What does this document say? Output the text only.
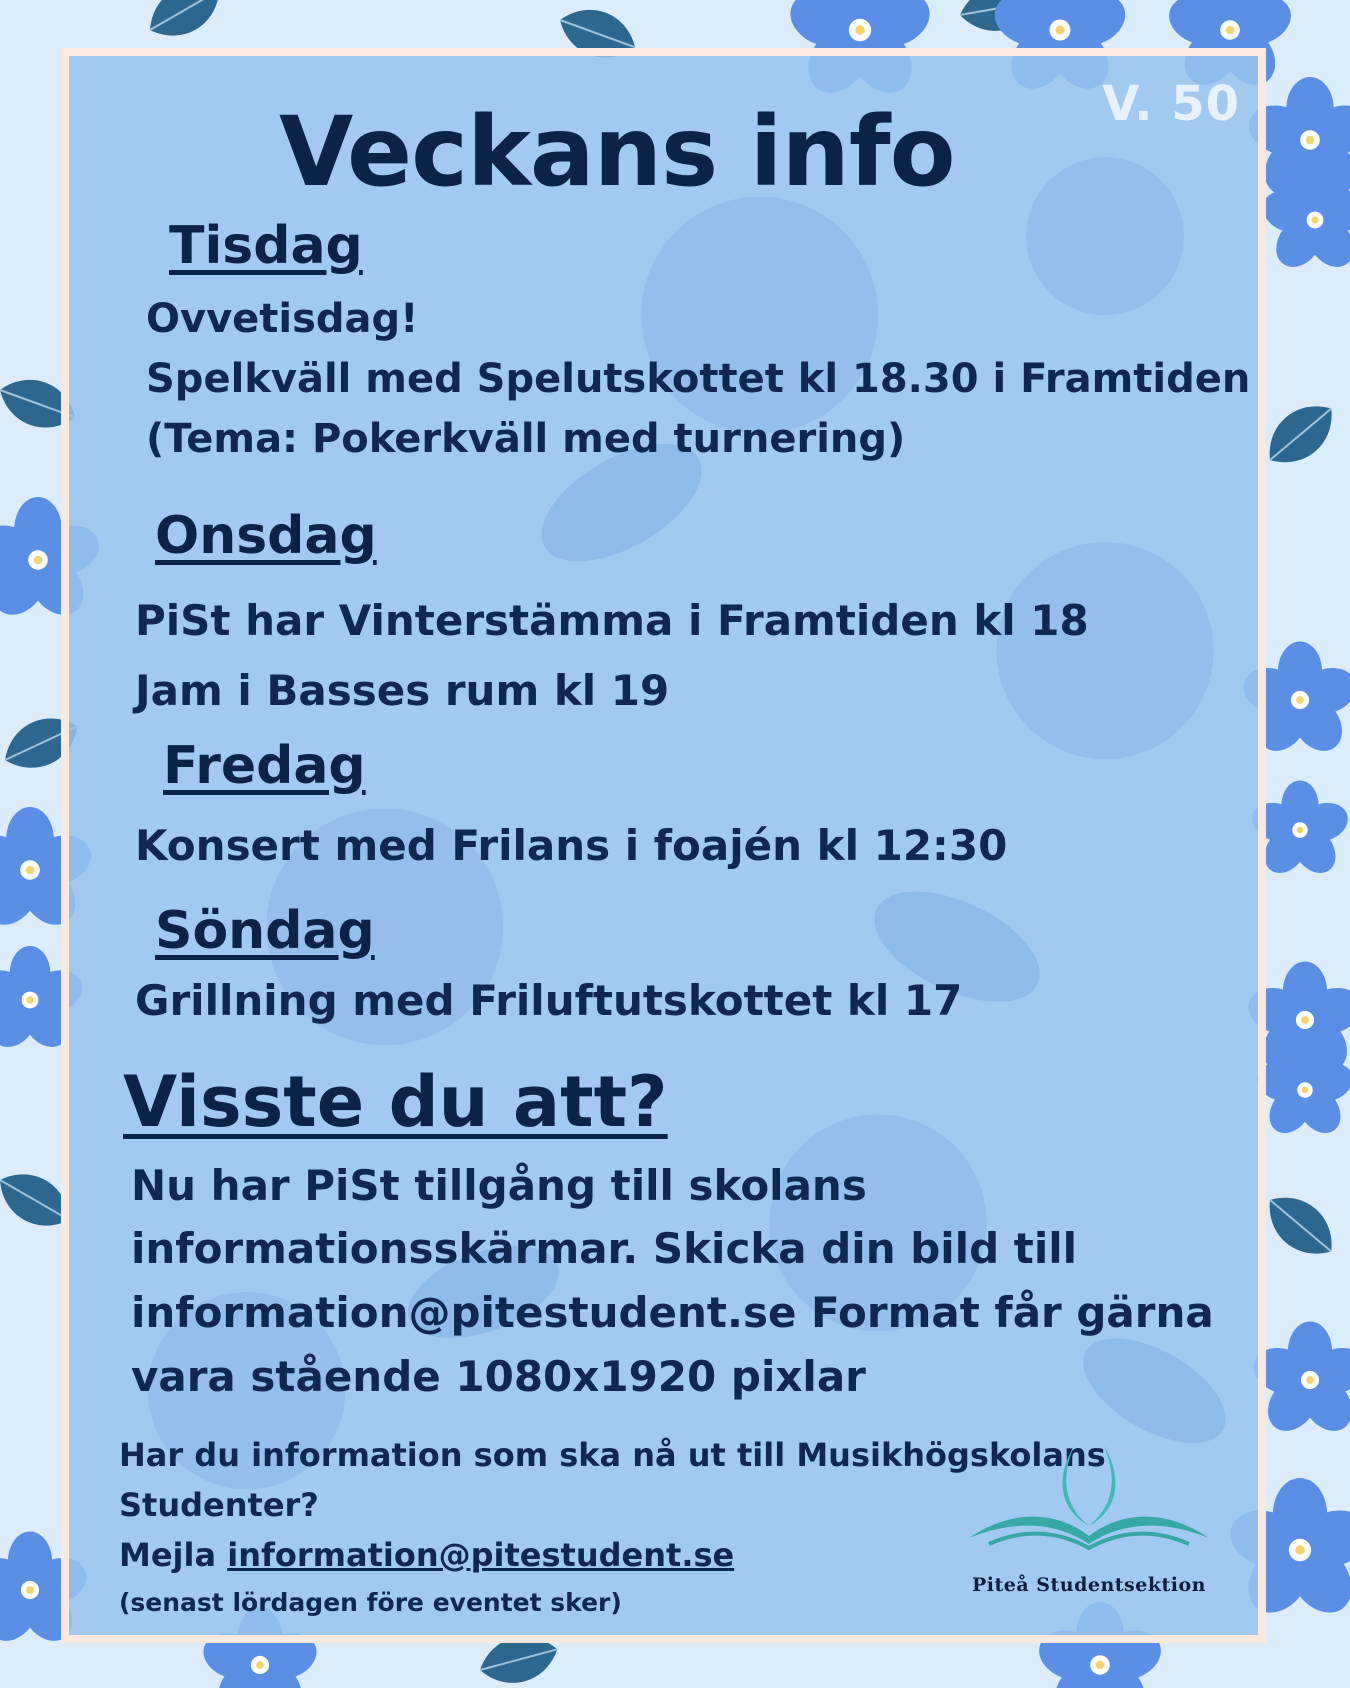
V. 50
Veckans info
Tisdag
Ovvetisdag!
Spelkväll med Spelutskottet kl 18.30 i Framtiden
(Tema: Pokerkväll med turnering)
Onsdag
PiSt har Vinterstämma i Framtiden kl 18
Jam i Basses rum kl 19
Fredag
Konsert med Frilans i foajén kl 12:30
Söndag
Grillning med Friluftutskottet kl 17
Visste du att?
Nu har PiSt tillgång till skolans
informationsskärmar. Skicka din bild till
information@pitestudent.se Format får gärna
vara stående 1080x1920 pixlar
Har du information som ska nå ut till Musikhögskolans
Studenter?
Mejla information@pitestudent.se
(senast lördagen före eventet sker)
Piteå Studentsektion
